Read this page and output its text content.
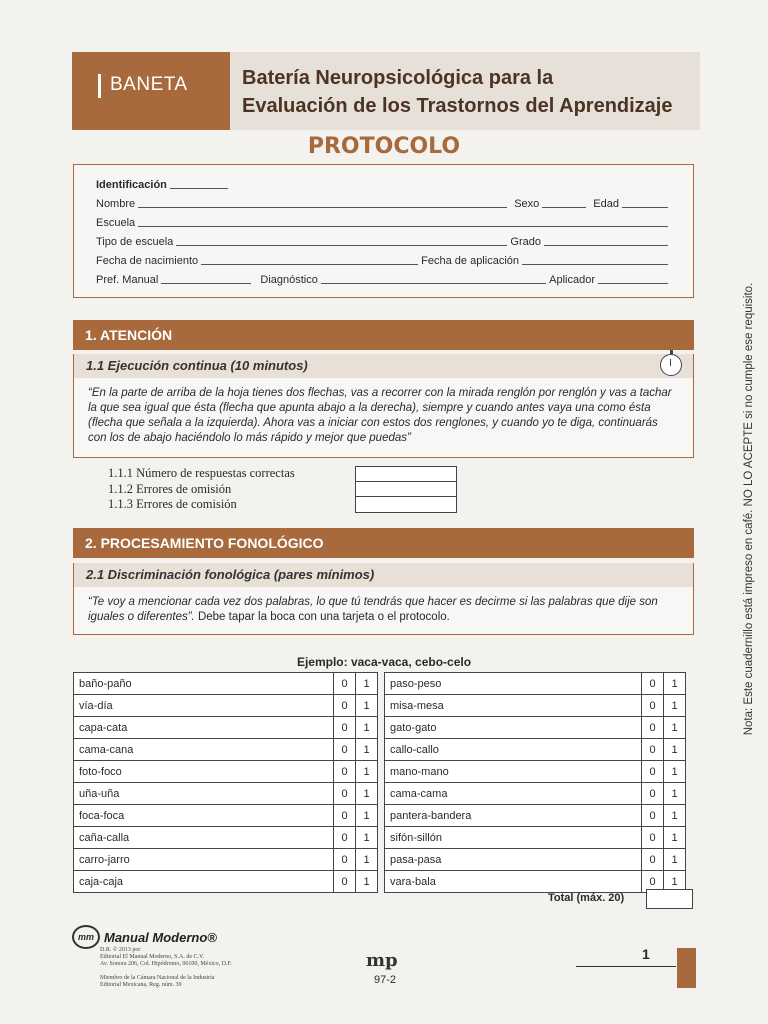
BANETA	Batería Neuropsicológica para la
Evaluación de los Trastornos del Aprendizaje
PROTOCOLO
Identificación
Nombre	Sexo	Edad
Escuela
Tipo de escuela	Grado
Fecha de nacimiento	Fecha de aplicación
Pref. Manual	Diagnóstico	Aplicador
1. ATENCIÓN
1.1 Ejecución continua (10 minutos)
“En la parte de arriba de la hoja tienes dos flechas, vas a recorrer con la mirada renglón por renglón y vas a tachar la que sea igual que ésta (flecha que apunta abajo a la derecha), siempre y cuando antes vaya una como ésta (flecha que señala a la izquierda). Ahora vas a iniciar con estos dos renglones, y cuando yo te diga, continuarás con los de abajo haciéndolo lo más rápido y mejor que puedas”
1.1.1 Número de respuestas correctas
1.1.2 Errores de omisión
1.1.3 Errores de comisión
2. PROCESAMIENTO FONOLÓGICO
2.1 Discriminación fonológica (pares mínimos)
“Te voy a mencionar cada vez dos palabras, lo que tú tendrás que hacer es decirme si las palabras que dije son iguales o diferentes”. Debe tapar la boca con una tarjeta o el protocolo.
Ejemplo: vaca-vaca, cebo-celo
baño-paño	0	1
vía-día	0	1
capa-cata	0	1
cama-cana	0	1
foto-foco	0	1
uña-uña	0	1
foca-foca	0	1
caña-calla	0	1
carro-jarro	0	1
caja-caja	0	1
paso-peso	0	1
misa-mesa	0	1
gato-gato	0	1
callo-callo	0	1
mano-mano	0	1
cama-cama	0	1
pantera-bandera	0	1
sifón-sillón	0	1
pasa-pasa	0	1
vara-bala	0	1
Total (máx. 20)
mm Manual Moderno®
D.R. © 2013 por
Editorial El Manual Moderno, S.A. de C.V.
Av. Sonora 206, Col. Hipódromo, 06100, México, D.F.

Miembro de la Cámara Nacional de la Industria
Editorial Mexicana, Reg. núm. 39
mp
97-2
1
Nota: Este cuadernillo está impreso en café. NO LO ACEPTE si no cumple ese requisito.
